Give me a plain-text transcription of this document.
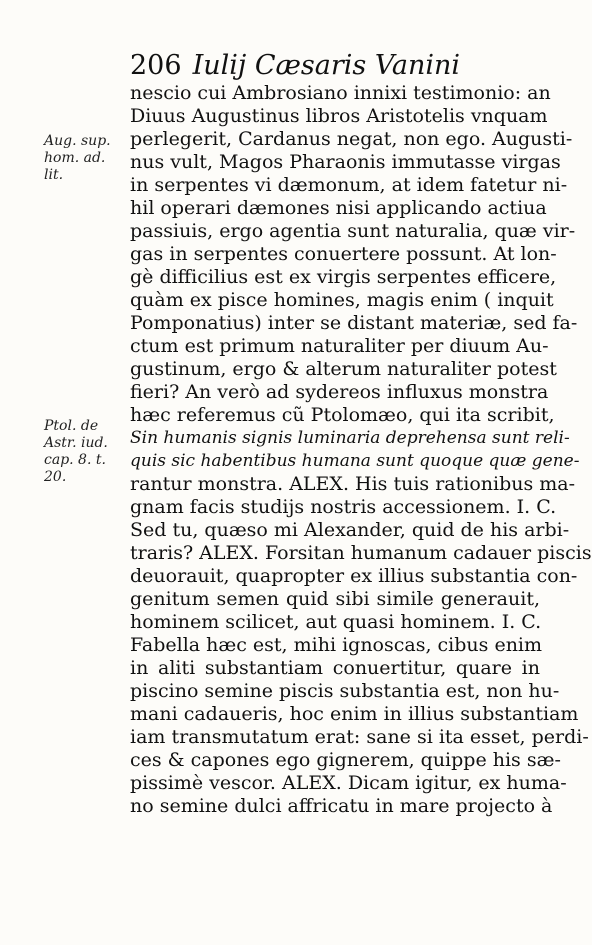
206 Iulij Cæsaris Vanini
Aug. sup. hom. ad. lit.
Ptol. de Astr. iud. cap. 8. t. 20.
nescio cui Ambrosiano innixi testimonio: an
Diuus Augustinus libros Aristotelis vnquam
perlegerit, Cardanus negat, non ego. Augusti-
nus vult, Magos Pharaonis immutasse virgas
in serpentes vi dæmonum, at idem fatetur ni-
hil operari dæmones nisi applicando actiua
passiuis, ergo agentia sunt naturalia, quæ vir-
gas in serpentes conuertere possunt. At lon-
gè difficilius est ex virgis serpentes efficere,
quàm ex pisce homines, magis enim ( inquit
Pomponatius) inter se distant materiæ, sed fa-
ctum est primum naturaliter per diuum Au-
gustinum, ergo & alterum naturaliter potest
fieri? An verò ad sydereos influxus monstra
hæc referemus cũ Ptolomæo, qui ita scribit,
Sin humanis signis luminaria deprehensa sunt reli-
quis sic habentibus humana sunt quoque quæ gene-
rantur monstra. ALEX. His tuis rationibus ma-
gnam facis studijs nostris accessionem. I. C.
Sed tu, quæso mi Alexander, quid de his arbi-
traris? ALEX. Forsitan humanum cadauer piscis
deuorauit, quapropter ex illius substantia con-
genitum semen quid sibi simile generauit,
hominem scilicet, aut quasi hominem. I. C.
Fabella hæc est, mihi ignoscas, cibus enim
in aliti substantiam conuertitur, quare in
piscino semine piscis substantia est, non hu-
mani cadaueris, hoc enim in illius substantiam
iam transmutatum erat: sane si ita esset, perdi-
ces & capones ego gignerem, quippe his sæ-
pissimè vescor. ALEX. Dicam igitur, ex huma-
no semine dulci affricatu in mare projecto à
